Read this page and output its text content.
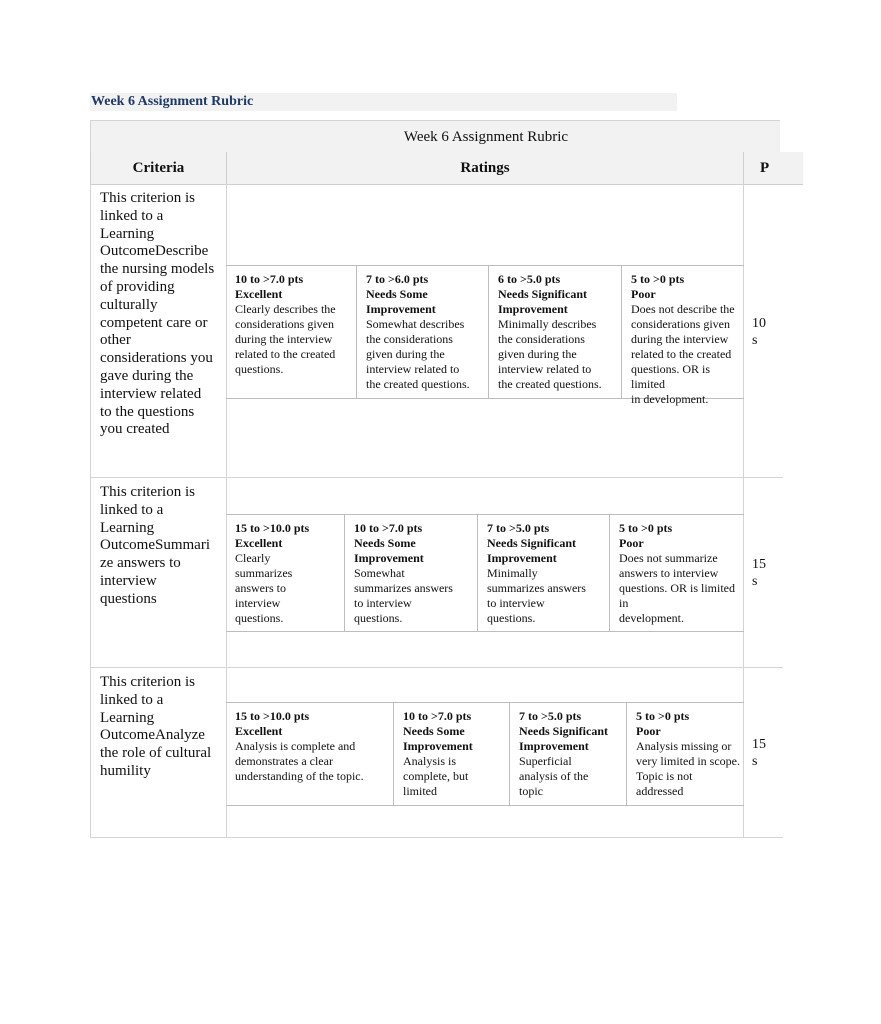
Week 6 Assignment Rubric
Week 6 Assignment Rubric
Criteria	Ratings	P
This criterion is
linked to a
Learning
OutcomeDescribe
the nursing models
of providing
culturally
competent care or
other
considerations you
gave during the
interview related
to the questions
you created
10 to >7.0 pts
Excellent
Clearly describes the
considerations given
during the interview
related to the created
questions.
7 to >6.0 pts
Needs Some
Improvement
Somewhat describes
the considerations
given during the
interview related to
the created questions.
6 to >5.0 pts
Needs Significant
Improvement
Minimally describes
the considerations
given during the
interview related to
the created questions.
5 to >0 pts
Poor
Does not describe the
considerations given
during the interview
related to the created
questions. OR is limited
in development.
10
s
This criterion is
linked to a
Learning
OutcomeSummari
ze answers to
interview
questions
15 to >10.0 pts
Excellent
Clearly
summarizes
answers to
interview
questions.
10 to >7.0 pts
Needs Some
Improvement
Somewhat
summarizes answers
to interview
questions.
7 to >5.0 pts
Needs Significant
Improvement
Minimally
summarizes answers
to interview
questions.
5 to >0 pts
Poor
Does not summarize
answers to interview
questions. OR is limited in
development.
15
s
This criterion is
linked to a
Learning
OutcomeAnalyze
the role of cultural
humility
15 to >10.0 pts
Excellent
Analysis is complete and
demonstrates a clear
understanding of the topic.
10 to >7.0 pts
Needs Some
Improvement
Analysis is
complete, but
limited
7 to >5.0 pts
Needs Significant
Improvement
Superficial
analysis of the
topic
5 to >0 pts
Poor
Analysis missing or
very limited in scope.
Topic is not addressed
15
s
